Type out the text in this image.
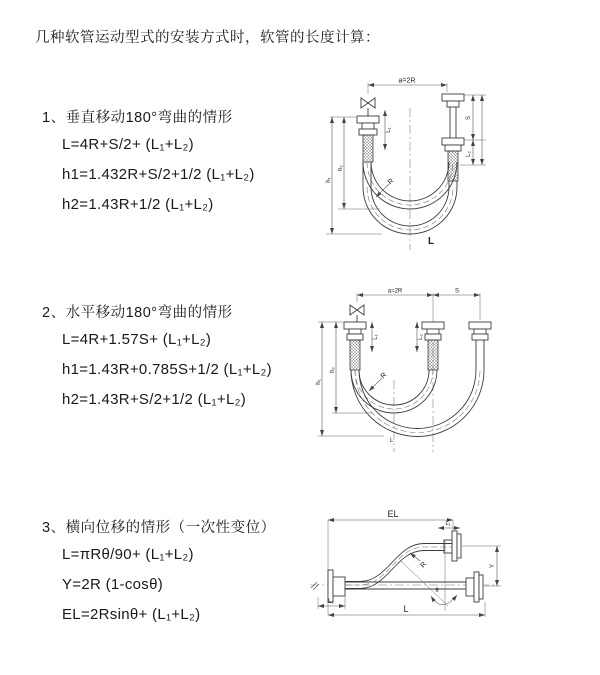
几种软管运动型式的安装方式时，软管的长度计算：
1、垂直移动180°弯曲的情形
L=4R+S/2+ (L₁+L₂)
h1=1.432R+S/2+1/2 (L₁+L₂)
h2=1.43R+1/2 (L₁+L₂)
a=2R
h₁
h₂
L₁
S
L₂
R
L
2、水平移动180°弯曲的情形
L=4R+1.57S+ (L₁+L₂)
h1=1.43R+0.785S+1/2 (L₁+L₂)
h2=1.43R+S/2+1/2 (L₁+L₂)
a=2R	S
h₁
h₂
L₁	L₂
R
L
3、横向位移的情形（一次性变位）
L=πRθ/90+ (L₁+L₂)
Y=2R (1-cosθ)
EL=2Rsinθ+ (L₁+L₂)
EL
L₁
θ
R	Y
L₂
L
